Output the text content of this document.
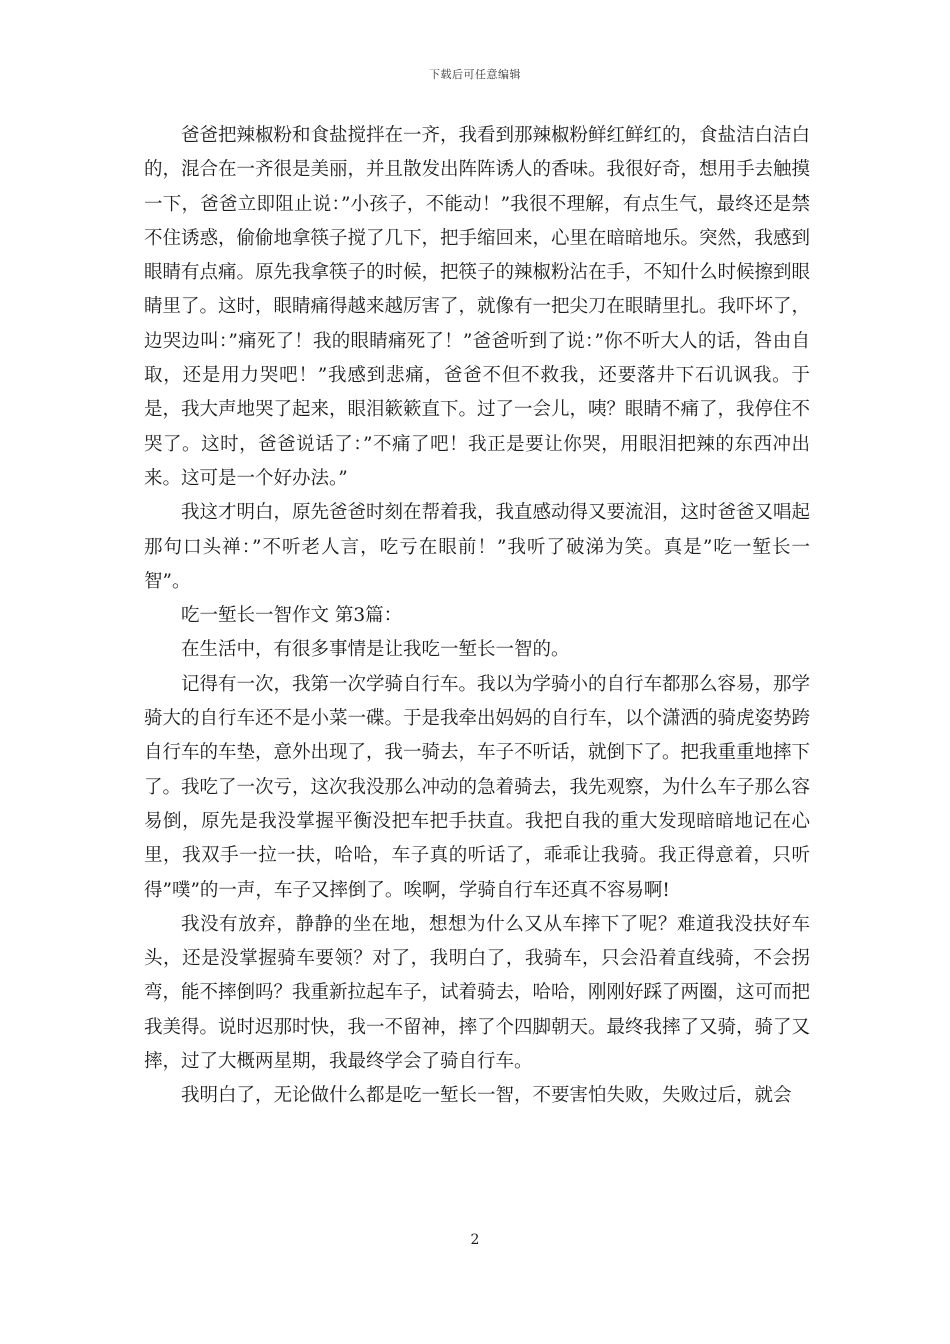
下载后可任意编辑

爸爸把辣椒粉和食盐搅拌在一齐，我看到那辣椒粉鲜红鲜红的，食盐洁白洁白的，混合在一齐很是美丽，并且散发出阵阵诱人的香味。我很好奇，想用手去触摸一下，爸爸立即阻止说：”小孩子，不能动！”我很不理解，有点生气，最终还是禁不住诱惑，偷偷地拿筷子搅了几下，把手缩回来，心里在暗暗地乐。突然，我感到眼睛有点痛。原先我拿筷子的时候，把筷子的辣椒粉沾在手，不知什么时候擦到眼睛里了。这时，眼睛痛得越来越厉害了，就像有一把尖刀在眼睛里扎。我吓坏了，边哭边叫：”痛死了！我的眼睛痛死了！”爸爸听到了说：”你不听大人的话，咎由自取，还是用力哭吧！”我感到悲痛，爸爸不但不救我，还要落井下石讥讽我。于是，我大声地哭了起来，眼泪簌簌直下。过了一会儿，咦？眼睛不痛了，我停住不哭了。这时，爸爸说话了：”不痛了吧！我正是要让你哭，用眼泪把辣的东西冲出来。这可是一个好办法。”

我这才明白，原先爸爸时刻在帮着我，我直感动得又要流泪，这时爸爸又唱起那句口头禅：”不听老人言，吃亏在眼前！”我听了破涕为笑。真是”吃一堑长一智”。

吃一堑长一智作文 第3篇：

在生活中，有很多事情是让我吃一堑长一智的。

记得有一次，我第一次学骑自行车。我以为学骑小的自行车都那么容易，那学骑大的自行车还不是小菜一碟。于是我牵出妈妈的自行车，以个潇洒的骑虎姿势跨自行车的车垫，意外出现了，我一骑去，车子不听话，就倒下了。把我重重地摔下了。我吃了一次亏，这次我没那么冲动的急着骑去，我先观察，为什么车子那么容易倒，原先是我没掌握平衡没把车把手扶直。我把自我的重大发现暗暗地记在心里，我双手一拉一扶，哈哈，车子真的听话了，乖乖让我骑。我正得意着，只听得”噗”的一声，车子又摔倒了。唉啊，学骑自行车还真不容易啊!

我没有放弃，静静的坐在地，想想为什么又从车摔下了呢？难道我没扶好车头，还是没掌握骑车要领？对了，我明白了，我骑车，只会沿着直线骑，不会拐弯，能不摔倒吗？我重新拉起车子，试着骑去，哈哈，刚刚好踩了两圈，这可而把我美得。说时迟那时快，我一不留神，摔了个四脚朝天。最终我摔了又骑，骑了又摔，过了大概两星期，我最终学会了骑自行车。

我明白了，无论做什么都是吃一堑长一智，不要害怕失败，失败过后，就会

2
